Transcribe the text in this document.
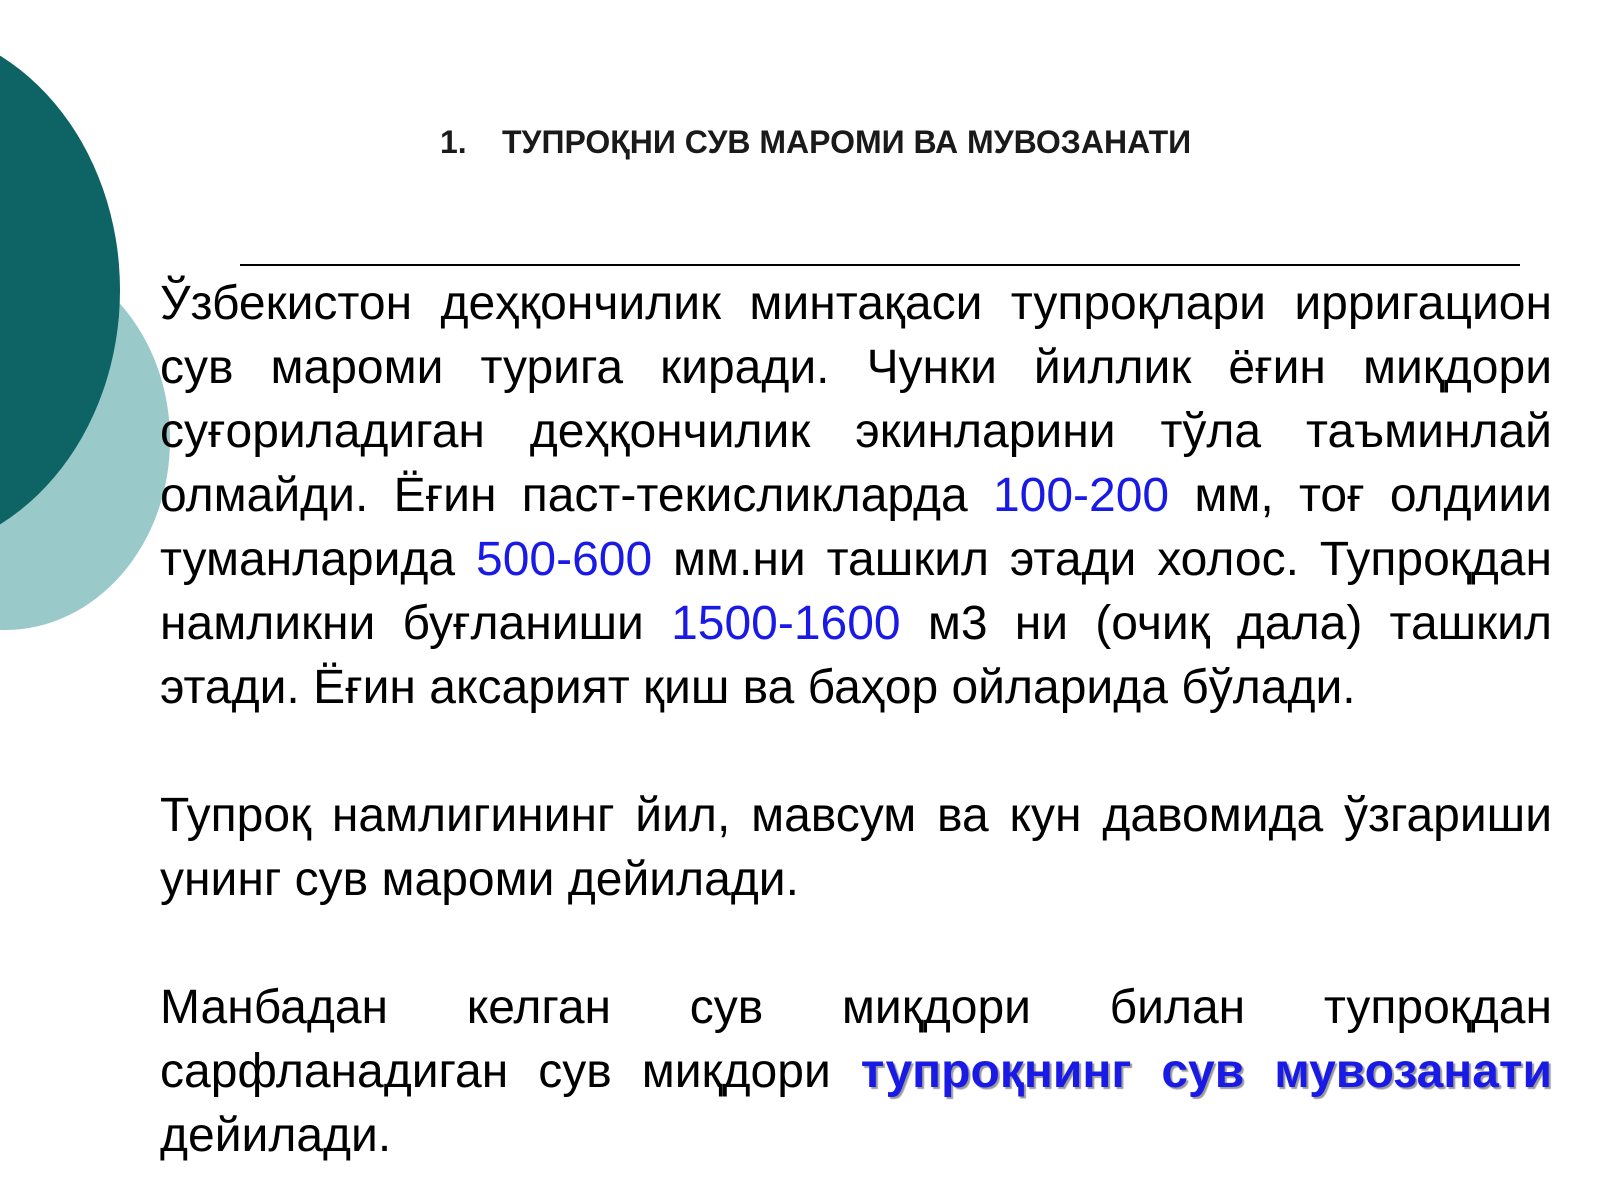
1. ТУПРОҚНИ СУВ МАРОМИ ВА МУВОЗАНАТИ

Ўзбекистон деҳқончилик минтақаси тупроқлари ирригацион сув мароми турига киради. Чунки йиллик ёғин миқдори суғориладиган деҳқончилик экинларини тўла таъминлай олмайди. Ёғин паст-текисликларда 100-200 мм, тоғ олдиии туманларида 500-600 мм.ни ташкил этади холос. Тупроқдан намликни буғланиши 1500-1600 м3 ни (очиқ дала) ташкил этади. Ёғин аксарият қиш ва баҳор ойларида бўлади.

Тупроқ намлигининг йил, мавсум ва кун давомида ўзгариши унинг сув мароми дейилади.

Манбадан келган сув миқдори билан тупроқдан сарфланадиган сув миқдори тупроқнинг сув мувозанати дейилади.
